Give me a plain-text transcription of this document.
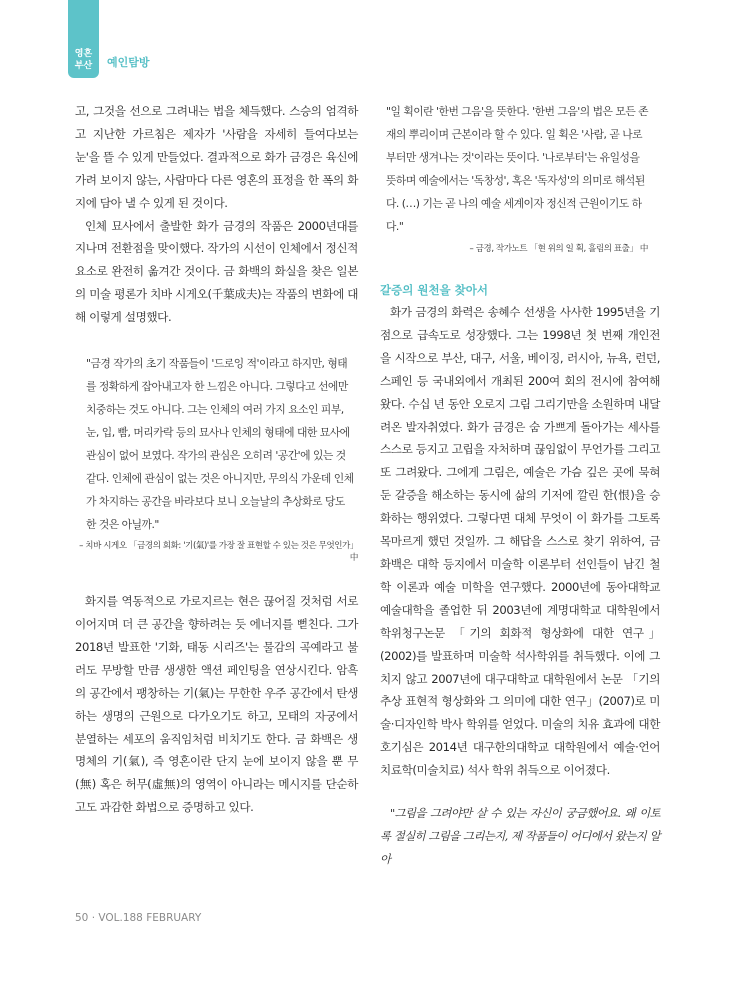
영혼
부산 예인탐방

고, 그것을 선으로 그려내는 법을 체득했다. 스승의 엄격하고 지난한 가르침은 제자가 '사람을 자세히 들여다보는 눈'을 뜰 수 있게 만들었다. 결과적으로 화가 금경은 육신에 가려 보이지 않는, 사람마다 다른 영혼의 표정을 한 폭의 화지에 담아 낼 수 있게 된 것이다.

인체 묘사에서 출발한 화가 금경의 작품은 2000년대를 지나며 전환점을 맞이했다. 작가의 시선이 인체에서 정신적 요소로 완전히 옮겨간 것이다. 금 화백의 화실을 찾은 일본의 미술 평론가 치바 시게오(千葉成夫)는 작품의 변화에 대해 이렇게 설명했다.

"금경 작가의 초기 작품들이 '드로잉 적'이라고 하지만, 형태를 정확하게 잡아내고자 한 느낌은 아니다. 그렇다고 선에만 치중하는 것도 아니다. 그는 인체의 여러 가지 요소인 피부, 눈, 입, 빰, 머리카락 등의 묘사나 인체의 형태에 대한 묘사에 관심이 없어 보였다. 작가의 관심은 오히려 '공간'에 있는 것 같다. 인체에 관심이 없는 것은 아니지만, 무의식 가운데 인체가 차지하는 공간을 바라보다 보니 오늘날의 추상화로 당도한 것은 아닐까."

– 치바 시게오 「금경의 회화: '기(氣)'를 가장 잘 표현할 수 있는 것은 무엇인가」 中

화지를 역동적으로 가로지르는 현은 끊어질 것처럼 서로 이어지며 더 큰 공간을 향하려는 듯 에너지를 뻗친다. 그가 2018년 발표한 '기화, 태동 시리즈'는 물감의 곡예라고 불러도 무방할 만큼 생생한 액션 페인팅을 연상시킨다. 암흑의 공간에서 팽창하는 기(氣)는 무한한 우주 공간에서 탄생하는 생명의 근원으로 다가오기도 하고, 모태의 자궁에서 분열하는 세포의 움직임처럼 비치기도 한다. 금 화백은 생명체의 기(氣), 즉 영혼이란 단지 눈에 보이지 않을 뿐 무(無) 혹은 허무(虛無)의 영역이 아니라는 메시지를 단순하고도 과감한 화법으로 증명하고 있다.

"일 획이란 '한번 그음'을 뜻한다. '한번 그음'의 법은 모든 존재의 뿌리이며 근본이라 할 수 있다. 일 획은 '사람, 곧 나로부터만 생겨나는 것'이라는 뜻이다. '나로부터'는 유일성을 뜻하며 예술에서는 '독창성', 혹은 '독자성'의 의미로 해석된다. (…) 기는 곧 나의 예술 세계이자 정신적 근원이기도 하다."

– 금경, 작가노트 「현 위의 일 획, 흘림의 표출」 中

갈증의 원천을 찾아서

화가 금경의 화력은 송혜수 선생을 사사한 1995년을 기점으로 급속도로 성장했다. 그는 1998년 첫 번째 개인전을 시작으로 부산, 대구, 서울, 베이징, 러시아, 뉴욕, 런던, 스페인 등 국내외에서 개최된 200여 회의 전시에 참여해왔다. 수십 년 동안 오로지 그림 그리기만을 소원하며 내달려온 발자취였다. 화가 금경은 숨 가쁘게 돌아가는 세사를 스스로 등지고 고립을 자처하며 끊임없이 무언가를 그리고 또 그려왔다. 그에게 그림은, 예술은 가슴 깊은 곳에 묵혀둔 갈증을 해소하는 동시에 삶의 기저에 깔린 한(恨)을 승화하는 행위였다. 그렇다면 대체 무엇이 이 화가를 그토록 목마르게 했던 것일까. 그 해답을 스스로 찾기 위하여, 금 화백은 대학 등지에서 미술학 이론부터 선인들이 남긴 철학 이론과 예술 미학을 연구했다. 2000년에 동아대학교 예술대학을 졸업한 뒤 2003년에 계명대학교 대학원에서 학위청구논문 「기의 회화적 형상화에 대한 연구」(2002)를 발표하며 미술학 석사학위를 취득했다. 이에 그치지 않고 2007년에 대구대학교 대학원에서 논문 「기의 추상 표현적 형상화와 그 의미에 대한 연구」(2007)로 미술·디자인학 박사 학위를 얻었다. 미술의 치유 효과에 대한 호기심은 2014년 대구한의대학교 대학원에서 예술·언어 치료학(미술치료) 석사 학위 취득으로 이어졌다.

"그림을 그려야만 살 수 있는 자신이 궁금했어요. 왜 이토록 절실히 그림을 그리는지, 제 작품들이 어디에서 왔는지 알아

50 · VOL.188 FEBRUARY
